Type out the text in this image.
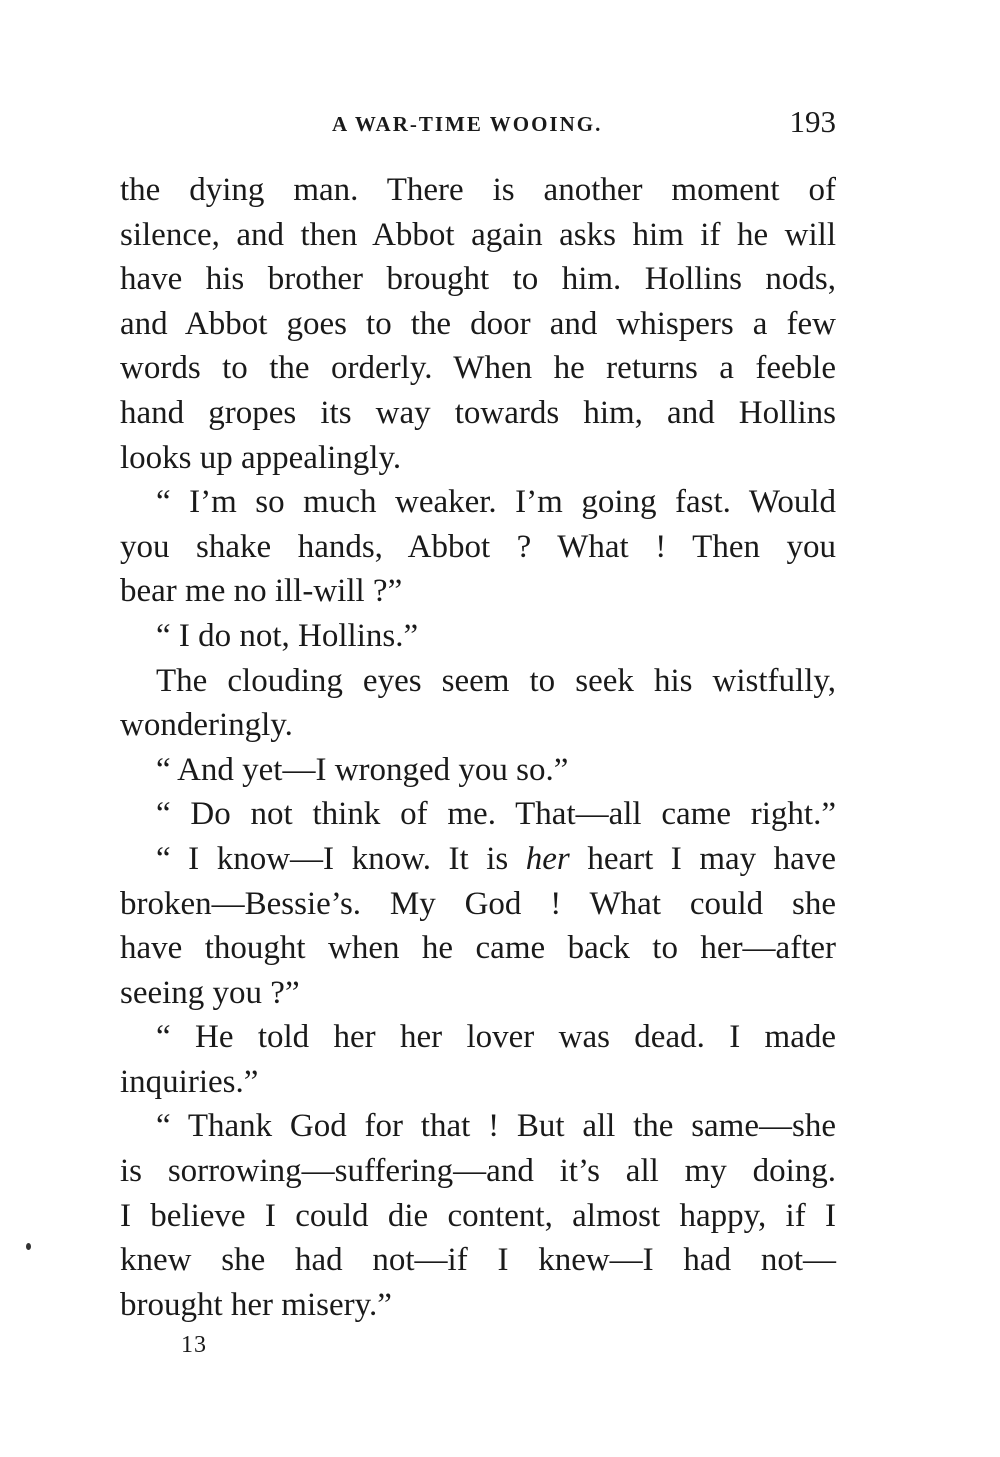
A WAR-TIME WOOING.	193
the dying man. There is another moment of
silence, and then Abbot again asks him if he will
have his brother brought to him. Hollins nods,
and Abbot goes to the door and whispers a few
words to the orderly. When he returns a feeble
hand gropes its way towards him, and Hollins
looks up appealingly.
“ I’m so much weaker. I’m going fast. Would
you shake hands, Abbot ? What ! Then you
bear me no ill-will ?”
“ I do not, Hollins.”
The clouding eyes seem to seek his wistfully,
wonderingly.
“ And yet—I wronged you so.”
“ Do not think of me. That—all came right.”
“ I know—I know. It is her heart I may have
broken—Bessie’s. My God ! What could she
have thought when he came back to her—after
seeing you ?”
“ He told her her lover was dead. I made
inquiries.”
“ Thank God for that ! But all the same—she
is sorrowing—suffering—and it’s all my doing.
I believe I could die content, almost happy, if I
knew she had not—if I knew—I had not—
brought her misery.”
13
